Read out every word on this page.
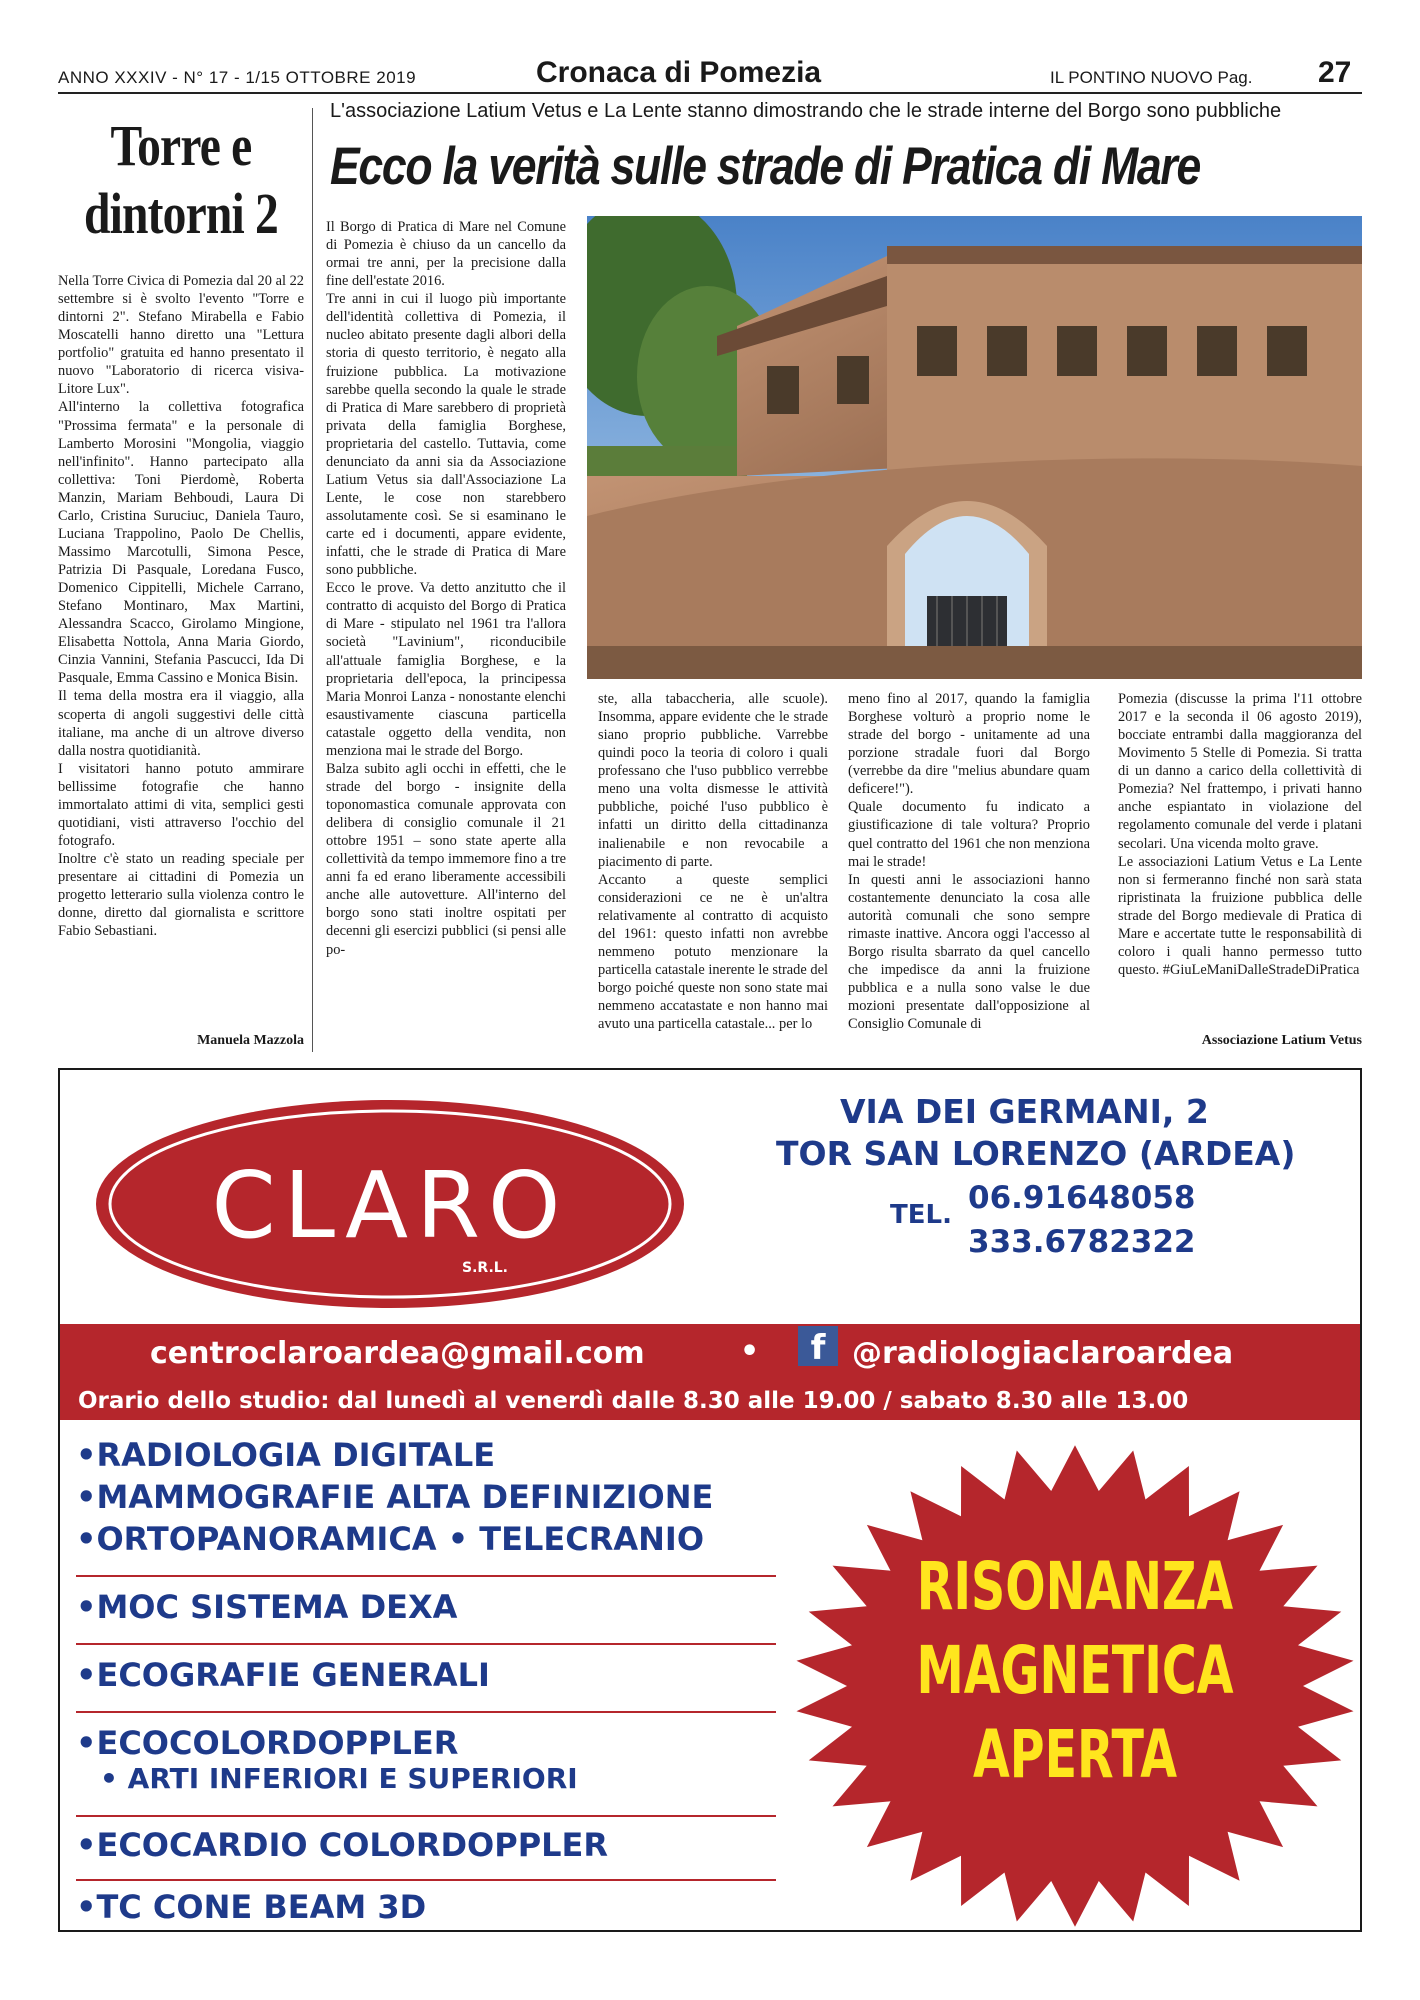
ANNO XXXIV - N° 17 - 1/15 OTTOBRE 2019	Cronaca di Pomezia	IL PONTINO NUOVO Pag. 27
Torre e
dintorni 2

Nella Torre Civica di Pomezia dal 20 al 22 settembre si è svolto l'evento "Torre e dintorni 2". Stefano Mirabella e Fabio Moscatelli hanno diretto una "Lettura portfolio" gratuita ed hanno presentato il nuovo "Laboratorio di ricerca visiva- Litore Lux".

All'interno la collettiva fotografica "Prossima fermata" e la personale di Lamberto Morosini "Mongolia, viaggio nell'infinito". Hanno partecipato alla collettiva: Toni Pierdomè, Roberta Manzin, Mariam Behboudi, Laura Di Carlo, Cristina Suruciuc, Daniela Tauro, Luciana Trappolino, Paolo De Chellis, Massimo Marcotulli, Simona Pesce, Patrizia Di Pasquale, Loredana Fusco, Domenico Cippitelli, Michele Carrano, Stefano Montinaro, Max Martini, Alessandra Scacco, Girolamo Mingione, Elisabetta Nottola, Anna Maria Giordo, Cinzia Vannini, Stefania Pascucci, Ida Di Pasquale, Emma Cassino e Monica Bisin.

Il tema della mostra era il viaggio, alla scoperta di angoli suggestivi delle città italiane, ma anche di un altrove diverso dalla nostra quotidianità.

I visitatori hanno potuto ammirare bellissime fotografie che hanno immortalato attimi di vita, semplici gesti quotidiani, visti attraverso l'occhio del fotografo.

Inoltre c'è stato un reading speciale per presentare ai cittadini di Pomezia un progetto letterario sulla violenza contro le donne, diretto dal giornalista e scrittore Fabio Sebastiani.

Manuela Mazzola
L'associazione Latium Vetus e La Lente stanno dimostrando che le strade interne del Borgo sono pubbliche
Ecco la verità sulle strade di Pratica di Mare

Il Borgo di Pratica di Mare nel Comune di Pomezia è chiuso da un cancello da ormai tre anni, per la precisione dalla fine dell'estate 2016.

Tre anni in cui il luogo più importante dell'identità collettiva di Pomezia, il nucleo abitato presente dagli albori della storia di questo territorio, è negato alla fruizione pubblica. La motivazione sarebbe quella secondo la quale le strade di Pratica di Mare sarebbero di proprietà privata della famiglia Borghese, proprietaria del castello. Tuttavia, come denunciato da anni sia da Associazione Latium Vetus sia dall'Associazione La Lente, le cose non starebbero assolutamente così. Se si esaminano le carte ed i documenti, appare evidente, infatti, che le strade di Pratica di Mare sono pubbliche.

Ecco le prove. Va detto anzitutto che il contratto di acquisto del Borgo di Pratica di Mare - stipulato nel 1961 tra l'allora società "Lavinium", riconducibile all'attuale famiglia Borghese, e la proprietaria dell'epoca, la principessa Maria Monroi Lanza - nonostante elenchi esaustivamente ciascuna particella catastale oggetto della vendita, non menziona mai le strade del Borgo.

Balza subito agli occhi in effetti, che le strade del borgo - insignite della toponomastica comunale approvata con delibera di consiglio comunale il 21 ottobre 1951 – sono state aperte alla collettività da tempo immemore fino a tre anni fa ed erano liberamente accessibili anche alle autovetture. All'interno del borgo sono stati inoltre ospitati per decenni gli esercizi pubblici (si pensi alle po-

ste, alla tabaccheria, alle scuole). Insomma, appare evidente che le strade siano proprio pubbliche. Varrebbe quindi poco la teoria di coloro i quali professano che l'uso pubblico verrebbe meno una volta dismesse le attività pubbliche, poiché l'uso pubblico è infatti un diritto della cittadinanza inalienabile e non revocabile a piacimento di parte.

Accanto a queste semplici considerazioni ce ne è un'altra relativamente al contratto di acquisto del 1961: questo infatti non avrebbe nemmeno potuto menzionare la particella catastale inerente le strade del borgo poiché queste non sono state mai nemmeno accatastate e non hanno mai avuto una particella catastale... per lo

meno fino al 2017, quando la famiglia Borghese volturò a proprio nome le strade del borgo - unitamente ad una porzione stradale fuori dal Borgo (verrebbe da dire "melius abundare quam deficere!").

Quale documento fu indicato a giustificazione di tale voltura? Proprio quel contratto del 1961 che non menziona mai le strade!

In questi anni le associazioni hanno costantemente denunciato la cosa alle autorità comunali che sono sempre rimaste inattive. Ancora oggi l'accesso al Borgo risulta sbarrato da quel cancello che impedisce da anni la fruizione pubblica e a nulla sono valse le due mozioni presentate dall'opposizione al Consiglio Comunale di

Pomezia (discusse la prima l'11 ottobre 2017 e la seconda il 06 agosto 2019), bocciate entrambi dalla maggioranza del Movimento 5 Stelle di Pomezia. Si tratta di un danno a carico della collettività di Pomezia? Nel frattempo, i privati hanno anche espiantato in violazione del regolamento comunale del verde i platani secolari. Una vicenda molto grave.

Le associazioni Latium Vetus e La Lente non si fermeranno finché non sarà stata ripristinata la fruizione pubblica delle strade del Borgo medievale di Pratica di Mare e accertate tutte le responsabilità di coloro i quali hanno permesso tutto questo. #GiuLeManiDalleStradeDiPratica

Associazione Latium Vetus
CLARO
S.R.L.
VIA DEI GERMANI, 2
TOR SAN LORENZO (ARDEA)
TEL. 06.91648058
333.6782322
centroclaroardea@gmail.com	•	f @radiologiaclaroardea
Orario dello studio: dal lunedì al venerdì dalle 8.30 alle 19.00 / sabato 8.30 alle 13.00
•RADIOLOGIA DIGITALE
•MAMMOGRAFIE ALTA DEFINIZIONE
•ORTOPANORAMICA • TELECRANIO
•MOC SISTEMA DEXA
•ECOGRAFIE GENERALI
•ECOCOLORDOPPLER
• ARTI INFERIORI E SUPERIORI
•ECOCARDIO COLORDOPPLER
•TC CONE BEAM 3D
RISONANZA
MAGNETICA
APERTA
